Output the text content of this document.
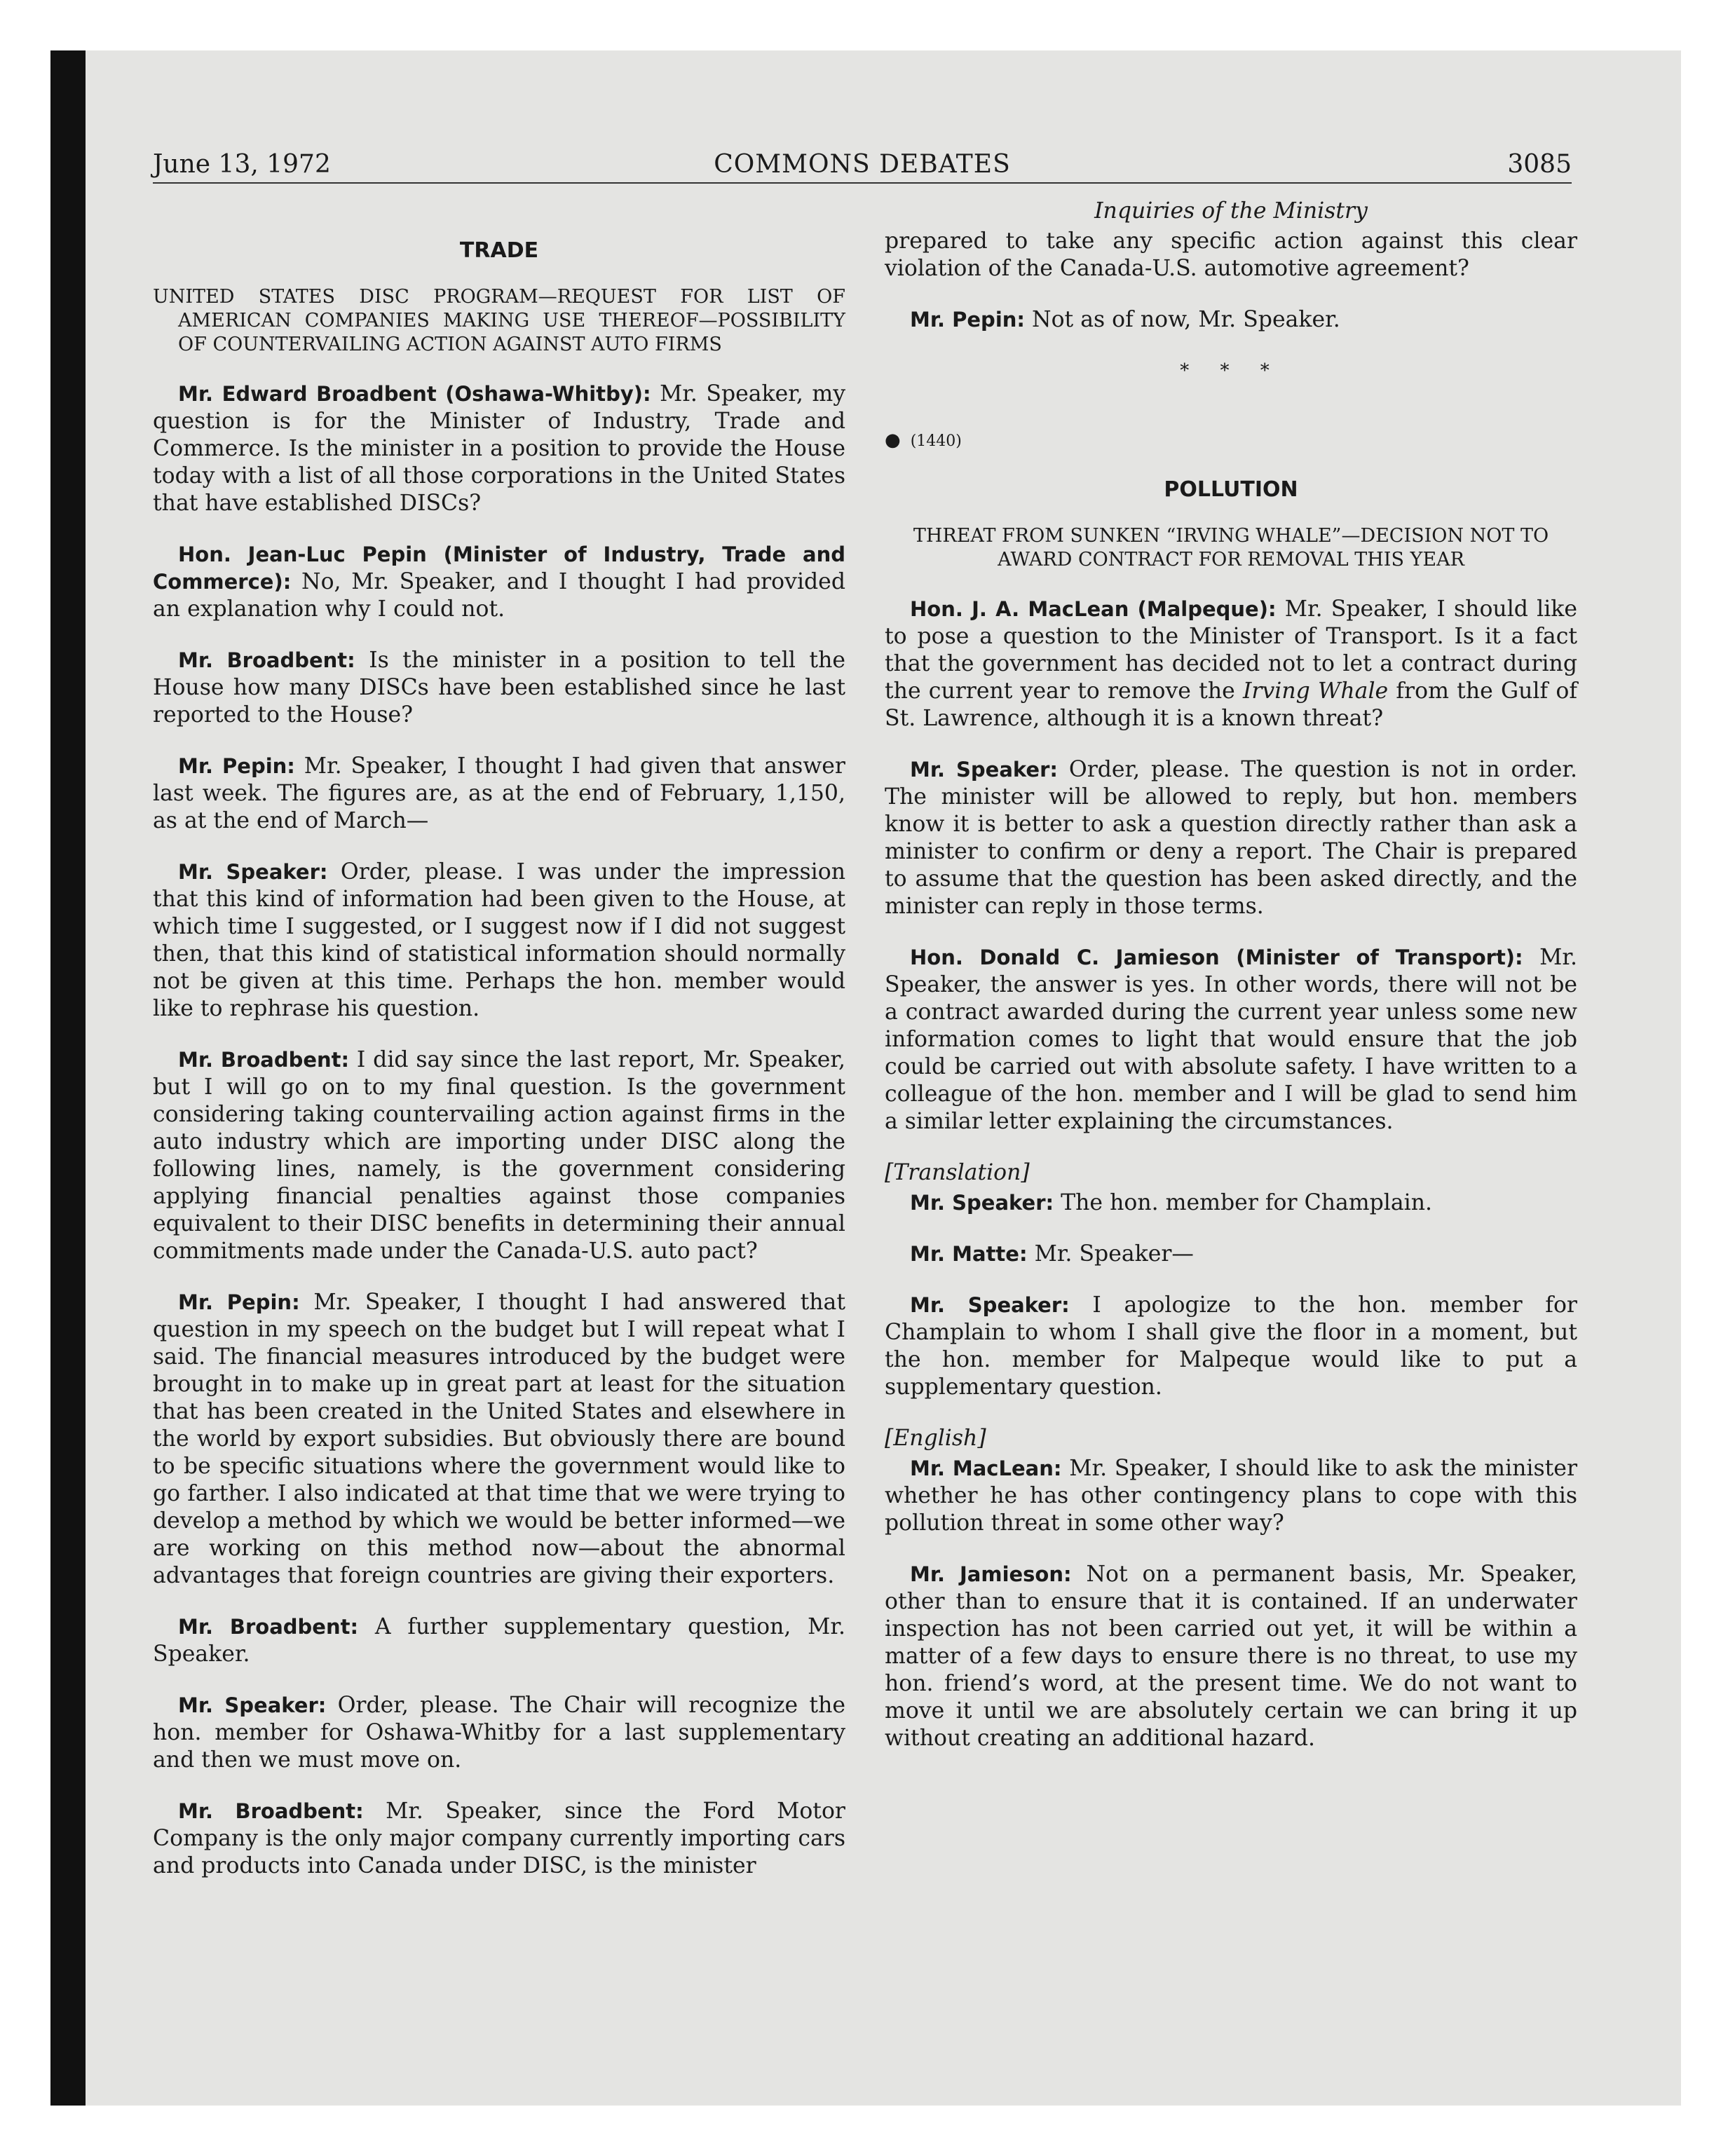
June 13, 1972	COMMONS DEBATES	3085
TRADE
UNITED STATES DISC PROGRAM—REQUEST FOR LIST OF AMERICAN COMPANIES MAKING USE THEREOF—POSSIBILITY OF COUNTERVAILING ACTION AGAINST AUTO FIRMS

Mr. Edward Broadbent (Oshawa-Whitby): Mr. Speaker, my question is for the Minister of Industry, Trade and Commerce. Is the minister in a position to provide the House today with a list of all those corporations in the United States that have established DISCs?

Hon. Jean-Luc Pepin (Minister of Industry, Trade and Commerce): No, Mr. Speaker, and I thought I had provided an explanation why I could not.

Mr. Broadbent: Is the minister in a position to tell the House how many DISCs have been established since he last reported to the House?

Mr. Pepin: Mr. Speaker, I thought I had given that answer last week. The figures are, as at the end of February, 1,150, as at the end of March—

Mr. Speaker: Order, please. I was under the impression that this kind of information had been given to the House, at which time I suggested, or I suggest now if I did not suggest then, that this kind of statistical information should normally not be given at this time. Perhaps the hon. member would like to rephrase his question.

Mr. Broadbent: I did say since the last report, Mr. Speaker, but I will go on to my final question. Is the government considering taking countervailing action against firms in the auto industry which are importing under DISC along the following lines, namely, is the government considering applying financial penalties against those companies equivalent to their DISC benefits in determining their annual commitments made under the Canada-U.S. auto pact?

Mr. Pepin: Mr. Speaker, I thought I had answered that question in my speech on the budget but I will repeat what I said. The financial measures introduced by the budget were brought in to make up in great part at least for the situation that has been created in the United States and elsewhere in the world by export subsidies. But obviously there are bound to be specific situations where the government would like to go farther. I also indicated at that time that we were trying to develop a method by which we would be better informed—we are working on this method now—about the abnormal advantages that foreign countries are giving their exporters.

Mr. Broadbent: A further supplementary question, Mr. Speaker.

Mr. Speaker: Order, please. The Chair will recognize the hon. member for Oshawa-Whitby for a last supplementary and then we must move on.

Mr. Broadbent: Mr. Speaker, since the Ford Motor Company is the only major company currently importing cars and products into Canada under DISC, is the minister

Inquiries of the Ministry

prepared to take any specific action against this clear violation of the Canada-U.S. automotive agreement?

Mr. Pepin: Not as of now, Mr. Speaker.

* * *
● (1440)
POLLUTION
THREAT FROM SUNKEN “IRVING WHALE”—DECISION NOT TO AWARD CONTRACT FOR REMOVAL THIS YEAR

Hon. J. A. MacLean (Malpeque): Mr. Speaker, I should like to pose a question to the Minister of Transport. Is it a fact that the government has decided not to let a contract during the current year to remove the Irving Whale from the Gulf of St. Lawrence, although it is a known threat?

Mr. Speaker: Order, please. The question is not in order. The minister will be allowed to reply, but hon. members know it is better to ask a question directly rather than ask a minister to confirm or deny a report. The Chair is prepared to assume that the question has been asked directly, and the minister can reply in those terms.

Hon. Donald C. Jamieson (Minister of Transport): Mr. Speaker, the answer is yes. In other words, there will not be a contract awarded during the current year unless some new information comes to light that would ensure that the job could be carried out with absolute safety. I have written to a colleague of the hon. member and I will be glad to send him a similar letter explaining the circumstances.

[Translation]

Mr. Speaker: The hon. member for Champlain.

Mr. Matte: Mr. Speaker—

Mr. Speaker: I apologize to the hon. member for Champlain to whom I shall give the floor in a moment, but the hon. member for Malpeque would like to put a supplementary question.

[English]

Mr. MacLean: Mr. Speaker, I should like to ask the minister whether he has other contingency plans to cope with this pollution threat in some other way?

Mr. Jamieson: Not on a permanent basis, Mr. Speaker, other than to ensure that it is contained. If an underwater inspection has not been carried out yet, it will be within a matter of a few days to ensure there is no threat, to use my hon. friend’s word, at the present time. We do not want to move it until we are absolutely certain we can bring it up without creating an additional hazard.
